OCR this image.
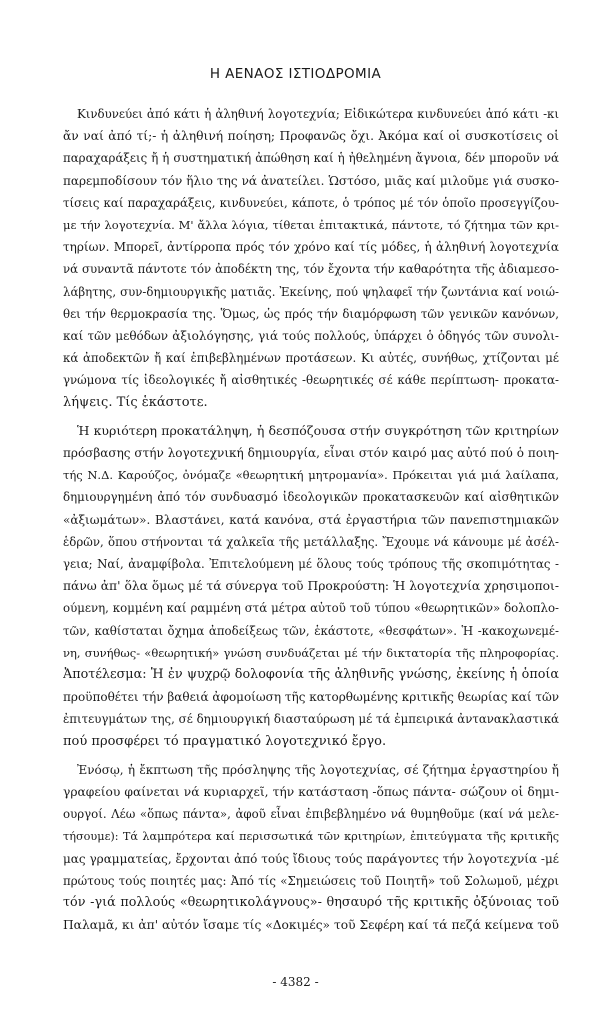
Η ΑΕΝΑΟΣ ΙΣΤΙΟΔΡΟΜΙΑ
Κινδυνεύει ἀπό κάτι ἡ ἀληθινή λογοτεχνία; Εἰδικώτερα κινδυνεύει ἀπό κάτι -κι
ἄν ναί ἀπό τί;- ἡ ἀληθινή ποίηση; Προφανῶς ὄχι. Ἀκόμα καί οἱ συσκοτίσεις οἱ
παραχαράξεις ἤ ἡ συστηματική ἀπώθηση καί ἡ ἠθελημένη ἄγνοια, δέν μποροῦν νά
παρεμποδίσουν τόν ἥλιο της νά ἀνατείλει. Ὡστόσο, μιᾶς καί μιλοῦμε γιά συσκο-
τίσεις καί παραχαράξεις, κινδυνεύει, κάποτε, ὁ τρόπος μέ τόν ὁποῖο προσεγγίζου-
με τήν λογοτεχνία. Μ' ἄλλα λόγια, τίθεται ἐπιτακτικά, πάντοτε, τό ζήτημα τῶν κρι-
τηρίων. Μπορεῖ, ἀντίρροπα πρός τόν χρόνο καί τίς μόδες, ἡ ἀληθινή λογοτεχνία
νά συναντᾶ πάντοτε τόν ἀποδέκτη της, τόν ἔχοντα τήν καθαρότητα τῆς ἀδιαμεσο-
λάβητης, συν-δημιουργικῆς ματιᾶς. Ἐκείνης, πού ψηλαφεῖ τήν ζωντάνια καί νοιώ-
θει τήν θερμοκρασία της. Ὅμως, ὡς πρός τήν διαμόρφωση τῶν γενικῶν κανόνων,
καί τῶν μεθόδων ἀξιολόγησης, γιά τούς πολλούς, ὑπάρχει ὁ ὁδηγός τῶν συνολι-
κά ἀποδεκτῶν ἤ καί ἐπιβεβλημένων προτάσεων. Κι αὐτές, συνήθως, χτίζονται μέ
γνώμονα τίς ἰδεολογικές ἤ αἰσθητικές -θεωρητικές σέ κάθε περίπτωση- προκατα-
λήψεις. Τίς ἑκάστοτε.
Ἡ κυριότερη προκατάληψη, ἡ δεσπόζουσα στήν συγκρότηση τῶν κριτηρίων
πρόσβασης στήν λογοτεχνική δημιουργία, εἶναι στόν καιρό μας αὐτό πού ὁ ποιη-
τής Ν.Δ. Καρούζος, ὀνόμαζε «θεωρητική μητρομανία». Πρόκειται γιά μιά λαίλαπα,
δημιουργημένη ἀπό τόν συνδυασμό ἰδεολογικῶν προκατασκευῶν καί αἰσθητικῶν
«ἀξιωμάτων». Βλαστάνει, κατά κανόνα, στά ἐργαστήρια τῶν πανεπιστημιακῶν
ἑδρῶν, ὅπου στήνονται τά χαλκεῖα τῆς μετάλλαξης. Ἔχουμε νά κάνουμε μέ ἀσέλ-
γεια; Ναί, ἀναμφίβολα. Ἐπιτελούμενη μέ ὅλους τούς τρόπους τῆς σκοπιμότητας -
πάνω ἀπ' ὅλα ὅμως μέ τά σύνεργα τοῦ Προκρούστη: Ἡ λογοτεχνία χρησιμοποι-
ούμενη, κομμένη καί ραμμένη στά μέτρα αὐτοῦ τοῦ τύπου «θεωρητικῶν» δολοπλο-
τῶν, καθίσταται ὄχημα ἀποδείξεως τῶν, ἑκάστοτε, «θεσφάτων». Ἡ -κακοχωνεμέ-
νη, συνήθως- «θεωρητική» γνώση συνδυάζεται μέ τήν δικτατορία τῆς πληροφορίας.
Ἀποτέλεσμα: Ἡ ἐν ψυχρῷ δολοφονία τῆς ἀληθινῆς γνώσης, ἐκείνης ἡ ὁποία
προϋποθέτει τήν βαθειά ἀφομοίωση τῆς κατορθωμένης κριτικῆς θεωρίας καί τῶν
ἐπιτευγμάτων της, σέ δημιουργική διασταύρωση μέ τά ἐμπειρικά ἀντανακλαστικά
πού προσφέρει τό πραγματικό λογοτεχνικό ἔργο.
Ἐνόσῳ, ἡ ἔκπτωση τῆς πρόσληψης τῆς λογοτεχνίας, σέ ζήτημα ἐργαστηρίου ἤ
γραφείου φαίνεται νά κυριαρχεῖ, τήν κατάσταση -ὅπως πάντα- σώζουν οἱ δημι-
ουργοί. Λέω «ὅπως πάντα», ἀφοῦ εἶναι ἐπιβεβλημένο νά θυμηθοῦμε (καί νά μελε-
τήσουμε): Τά λαμπρότερα καί περισσωτικά τῶν κριτηρίων, ἐπιτεύγματα τῆς κριτικῆς
μας γραμματείας, ἔρχονται ἀπό τούς ἴδιους τούς παράγοντες τήν λογοτεχνία -μέ
πρώτους τούς ποιητές μας: Ἀπό τίς «Σημειώσεις τοῦ Ποιητῆ» τοῦ Σολωμοῦ, μέχρι
τόν -γιά πολλούς «θεωρητικολάγνους»- θησαυρό τῆς κριτικῆς ὀξύνοιας τοῦ
Παλαμᾶ, κι ἀπ' αὐτόν ἴσαμε τίς «Δοκιμές» τοῦ Σεφέρη καί τά πεζά κείμενα τοῦ
- 4382 -
